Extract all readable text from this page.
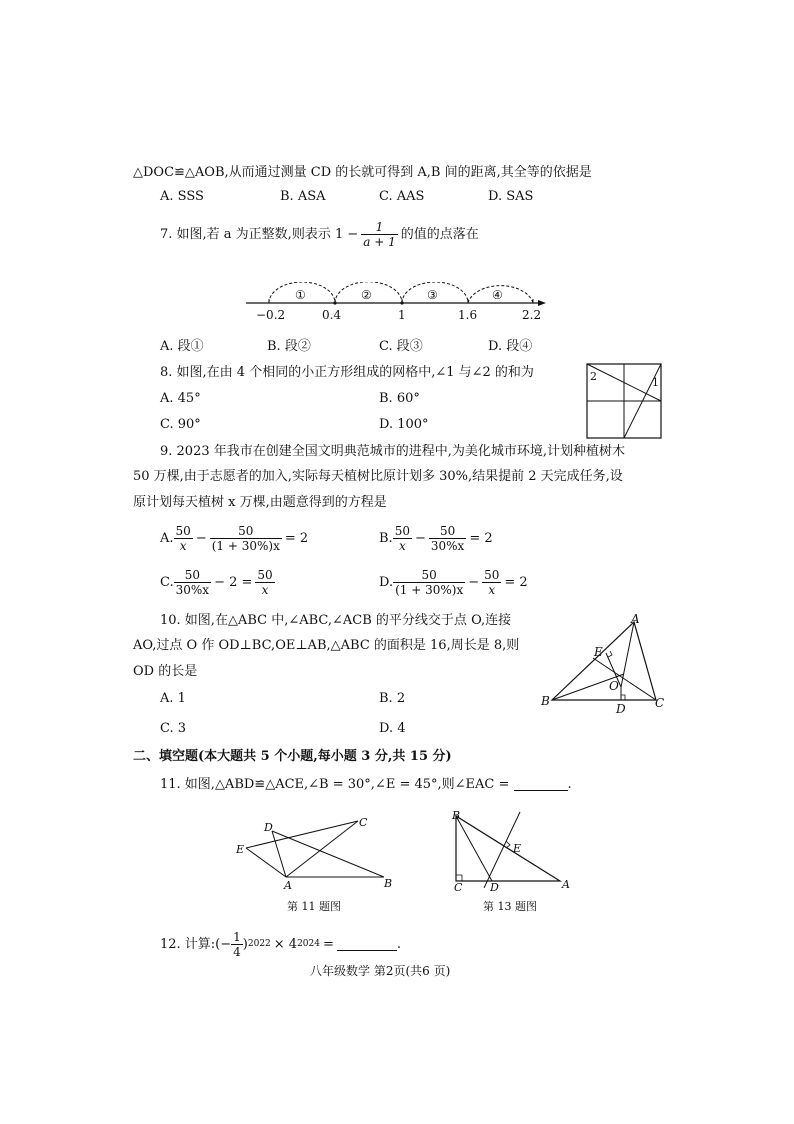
△DOC≌△AOB,从而通过测量 CD 的长就可得到 A,B 间的距离,其全等的依据是
A. SSS	B. ASA	C. AAS	D. SAS
7. 如图,若 a 为正整数,则表示 $1 - \frac{1}{a + 1}$ 的值的点落在
①	②	③	④
−0.2	0.4	1	1.6	2.2
A. 段①	B. 段②	C. 段③	D. 段④
8. 如图,在由 4 个相同的小正方形组成的网格中,∠1 与∠2 的和为
A. 45°	B. 60°
C. 90°	D. 100°
2	1
9. 2023 年我市在创建全国文明典范城市的进程中,为美化城市环境,计划种植树木
50 万棵,由于志愿者的加入,实际每天植树比原计划多 30%,结果提前 2 天完成任务,设
原计划每天植树 x 万棵,由题意得到的方程是
A. $\frac{50}{x} - \frac{50}{(1 + 30\%)x} = 2$	B. $\frac{50}{x} - \frac{50}{30\%x} = 2$
C. $\frac{50}{30\%x} - 2 = \frac{50}{x}$	D. $\frac{50}{(1 + 30\%)x} - \frac{50}{x} = 2$
10. 如图,在△ABC 中,∠ABC,∠ACB 的平分线交于点 O,连接
AO,过点 O 作 OD⊥BC,OE⊥AB,△ABC 的面积是 16,周长是 8,则
OD 的长是
A. 1	B. 2
C. 3	D. 4
A
E
O
B	C
D
二、填空题(本大题共 5 个小题,每小题 3 分,共 15 分)
11. 如图,△ABD≌△ACE,∠B = 30°,∠E = 45°,则∠EAC =	.
D	C
E
A	B
第 11 题图
B
E
C	D	A
第 13 题图
12. 计算:(− $\frac{1}{4}$ ) 2022 × 4 2024 =	.
八年级数学 第2页(共6 页)
